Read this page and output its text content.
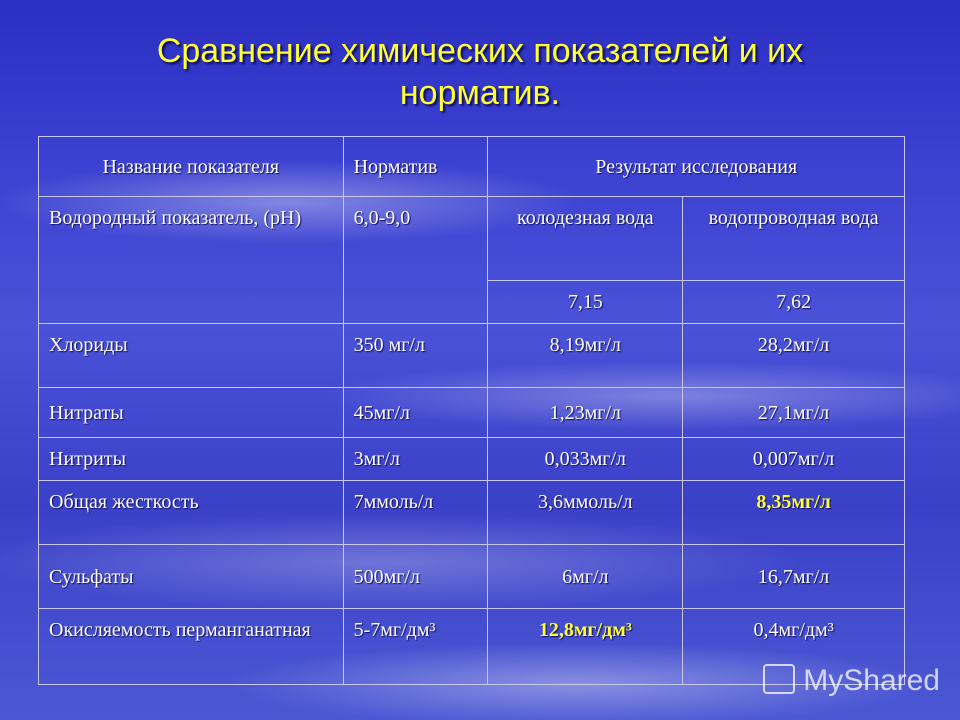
Сравнение химических показателей и их
норматив.
Название показателя	Норматив	Результат исследования	
Водородный показатель, (pH)	6,0-9,0	колодезная вода	водопроводная вода
		7,15	7,62
Хлориды	350 мг/л	8,19мг/л	28,2мг/л
Нитраты	45мг/л	1,23мг/л	27,1мг/л
Нитриты	3мг/л	0,033мг/л	0,007мг/л
Общая жесткость	7ммоль/л	3,6ммоль/л	8,35мг/л
Сульфаты	500мг/л	6мг/л	16,7мг/л
Окисляемость перманганатная	5-7мг/дм³	12,8мг/дм³	0,4мг/дм³
MyShared
